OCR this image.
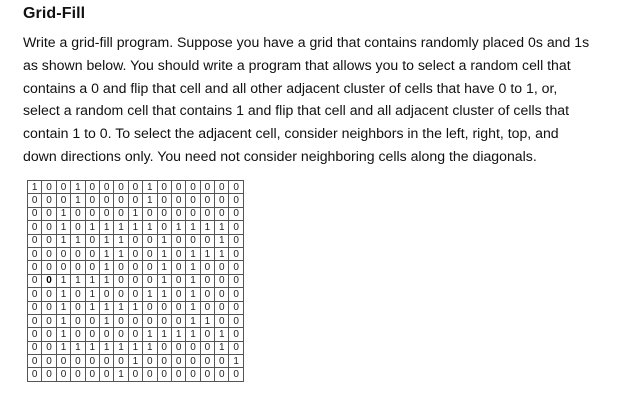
Grid-Fill
Write a grid-fill program. Suppose you have a grid that contains randomly placed 0s and 1s
as shown below. You should write a program that allows you to select a random cell that
contains a 0 and flip that cell and all other adjacent cluster of cells that have 0 to 1, or,
select a random cell that contains 1 and flip that cell and all adjacent cluster of cells that
contain 1 to 0. To select the adjacent cell, consider neighbors in the left, right, top, and
down directions only. You need not consider neighboring cells along the diagonals.
1	0	0	1	0	0	0	0	1	0	0	0	0	0	0
0	0	0	1	0	0	0	0	1	0	0	0	0	0	0
0	0	1	0	0	0	0	1	0	0	0	0	0	0	0
0	0	1	0	1	1	1	1	1	0	1	1	1	1	0
0	0	1	1	0	1	1	0	0	1	0	0	0	1	0
0	0	0	0	0	1	1	0	0	1	0	1	1	1	0
0	0	0	0	0	1	0	0	0	1	0	1	0	0	0
0	0	1	1	1	1	0	0	0	1	0	1	0	0	0
0	0	1	0	1	0	0	0	1	1	0	1	0	0	0
0	0	1	0	1	1	1	1	0	0	0	1	0	0	0
0	0	1	0	0	1	0	0	0	0	0	1	1	0	0
0	0	1	0	0	0	0	0	1	1	1	1	0	1	0
0	0	1	1	1	1	1	1	1	0	0	0	0	1	0
0	0	0	0	0	0	0	1	0	0	0	0	0	0	1
0	0	0	0	0	0	1	0	0	0	0	0	0	0	0
